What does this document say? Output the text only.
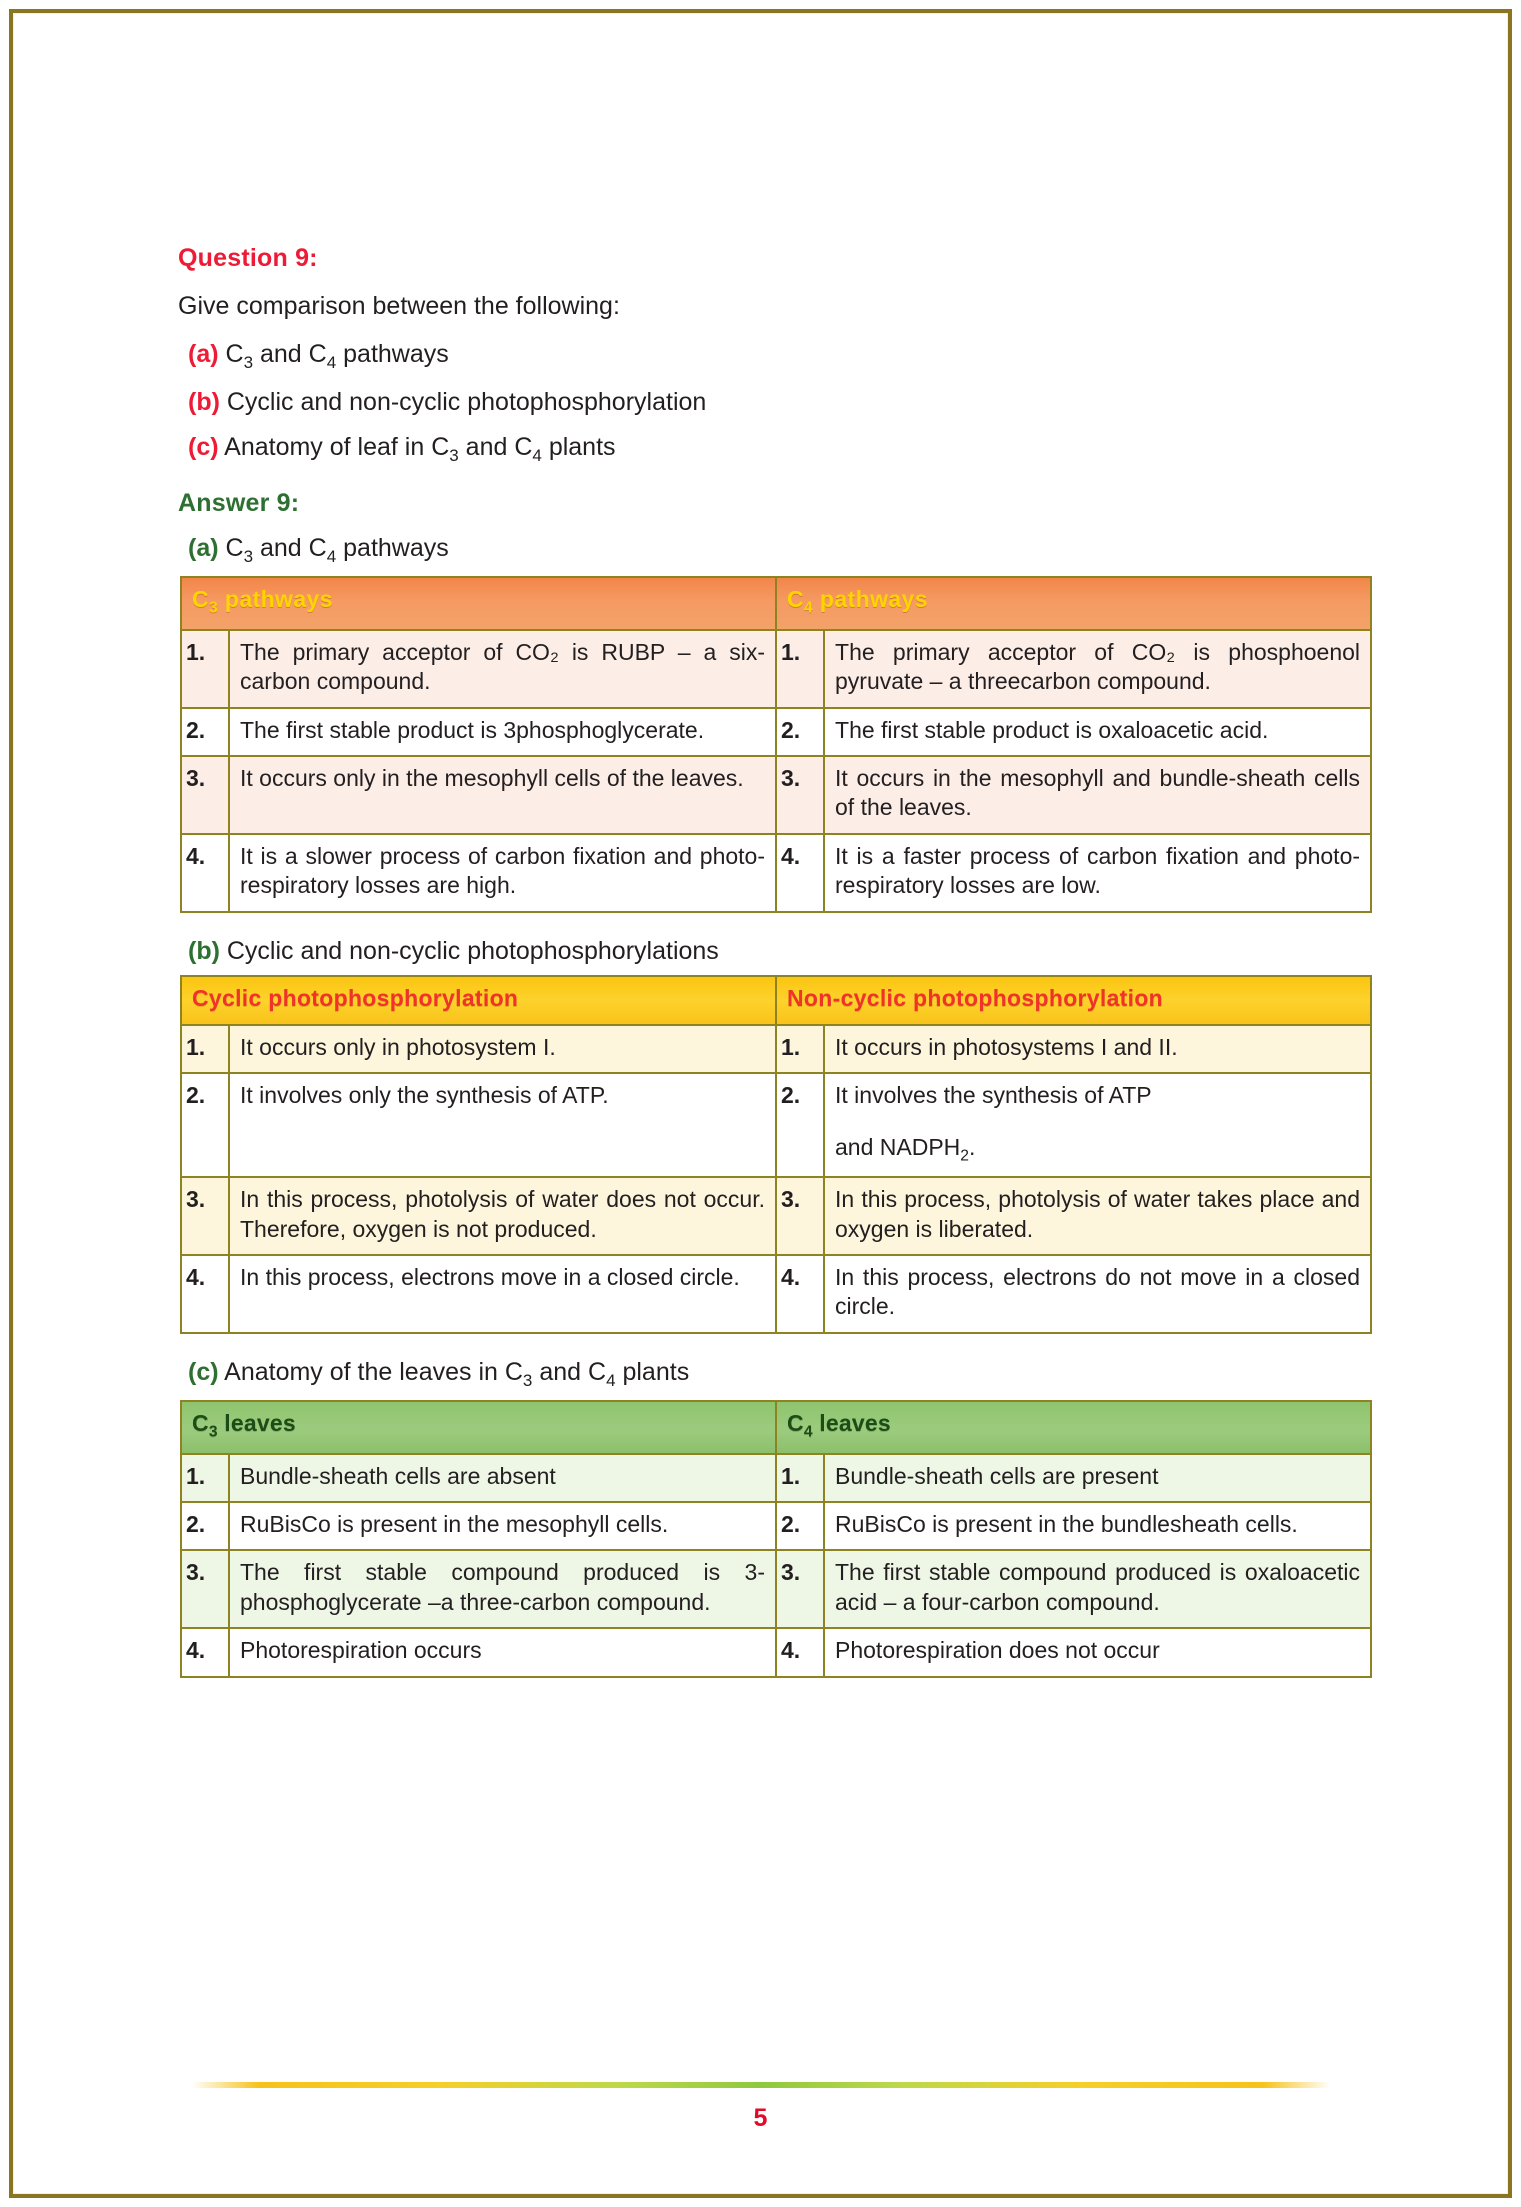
Question 9:
Give comparison between the following:
(a) $C_3$ and $C_4$ pathways
(b) Cyclic and non-cyclic photophosphorylation
(c) Anatomy of leaf in $C_3$ and $C_4$ plants
Answer 9:
(a) $C_3$ and $C_4$ pathways
$C_3$ pathways		$C_4$ pathways	
1.	The primary acceptor of CO₂ is RUBP – a six-carbon compound.	1.	The primary acceptor of CO₂ is phosphoenol pyruvate – a threecarbon compound.
2.	The first stable product is 3phosphoglycerate.	2.	The first stable product is oxaloacetic acid.
3.	It occurs only in the mesophyll cells of the leaves.	3.	It occurs in the mesophyll and bundle-sheath cells of the leaves.
4.	It is a slower process of carbon fixation and photo-respiratory losses are high.	4.	It is a faster process of carbon fixation and photo-respiratory losses are low.
(b) Cyclic and non-cyclic photophosphorylations
Cyclic photophosphorylation		Non-cyclic photophosphorylation	
1.	It occurs only in photosystem I.	1.	It occurs in photosystems I and II.
2.	It involves only the synthesis of ATP.	2.	It involves the synthesis of ATP
and $NADPH_2$.

3.	In this process, photolysis of water does not occur. Therefore, oxygen is not produced.	3.	In this process, photolysis of water takes place and oxygen is liberated.
4.	In this process, electrons move in a closed circle.	4.	In this process, electrons do not move in a closed circle.
(c) Anatomy of the leaves in $C_3$ and $C_4$ plants
$C_3$ leaves		$C_4$ leaves	
1.	Bundle-sheath cells are absent	1.	Bundle-sheath cells are present
2.	RuBisCo is present in the mesophyll cells.	2.	RuBisCo is present in the bundlesheath cells.
3.	The first stable compound produced is 3-phosphoglycerate –a three-carbon compound.	3.	The first stable compound produced is oxaloacetic acid – a four-carbon compound.
4.	Photorespiration occurs	4.	Photorespiration does not occur
5
